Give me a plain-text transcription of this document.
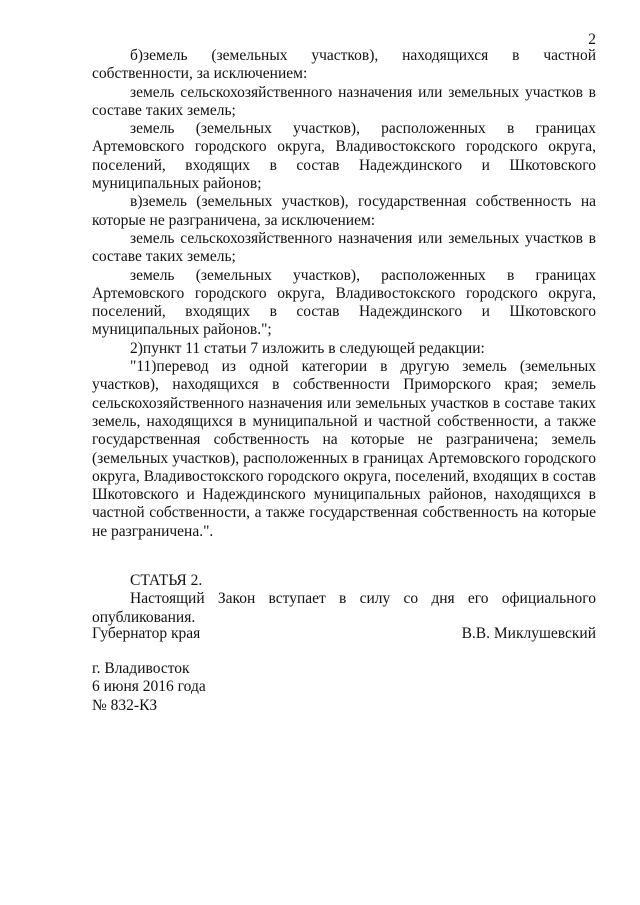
2

б)земель (земельных участков), находящихся в частной собственности, за исключением:

земель сельскохозяйственного назначения или земельных участков в составе таких земель;

земель (земельных участков), расположенных в границах Артемовского городского округа, Владивостокского городского округа, поселений, входящих в состав Надеждинского и Шкотовского муниципальных районов;

в)земель (земельных участков), государственная собственность на которые не разграничена, за исключением:

земель сельскохозяйственного назначения или земельных участков в составе таких земель;

земель (земельных участков), расположенных в границах Артемовского городского округа, Владивостокского городского округа, поселений, входящих в состав Надеждинского и Шкотовского муниципальных районов.";

2)пункт 11 статьи 7 изложить в следующей редакции:

"11)перевод из одной категории в другую земель (земельных участков), находящихся в собственности Приморского края; земель сельскохозяйственного назначения или земельных участков в составе таких земель, находящихся в муниципальной и частной собственности, а также государственная собственность на которые не разграничена; земель (земельных участков), расположенных в границах Артемовского городского округа, Владивостокского городского округа, поселений, входящих в состав Шкотовского и Надеждинского муниципальных районов, находящихся в частной собственности, а также государственная собственность на которые не разграничена.".

СТАТЬЯ 2.

Настоящий Закон вступает в силу со дня его официального опубликования.

Губернатор края	В.В. Миклушевский
г. Владивосток
6 июня 2016 года
№ 832-КЗ
